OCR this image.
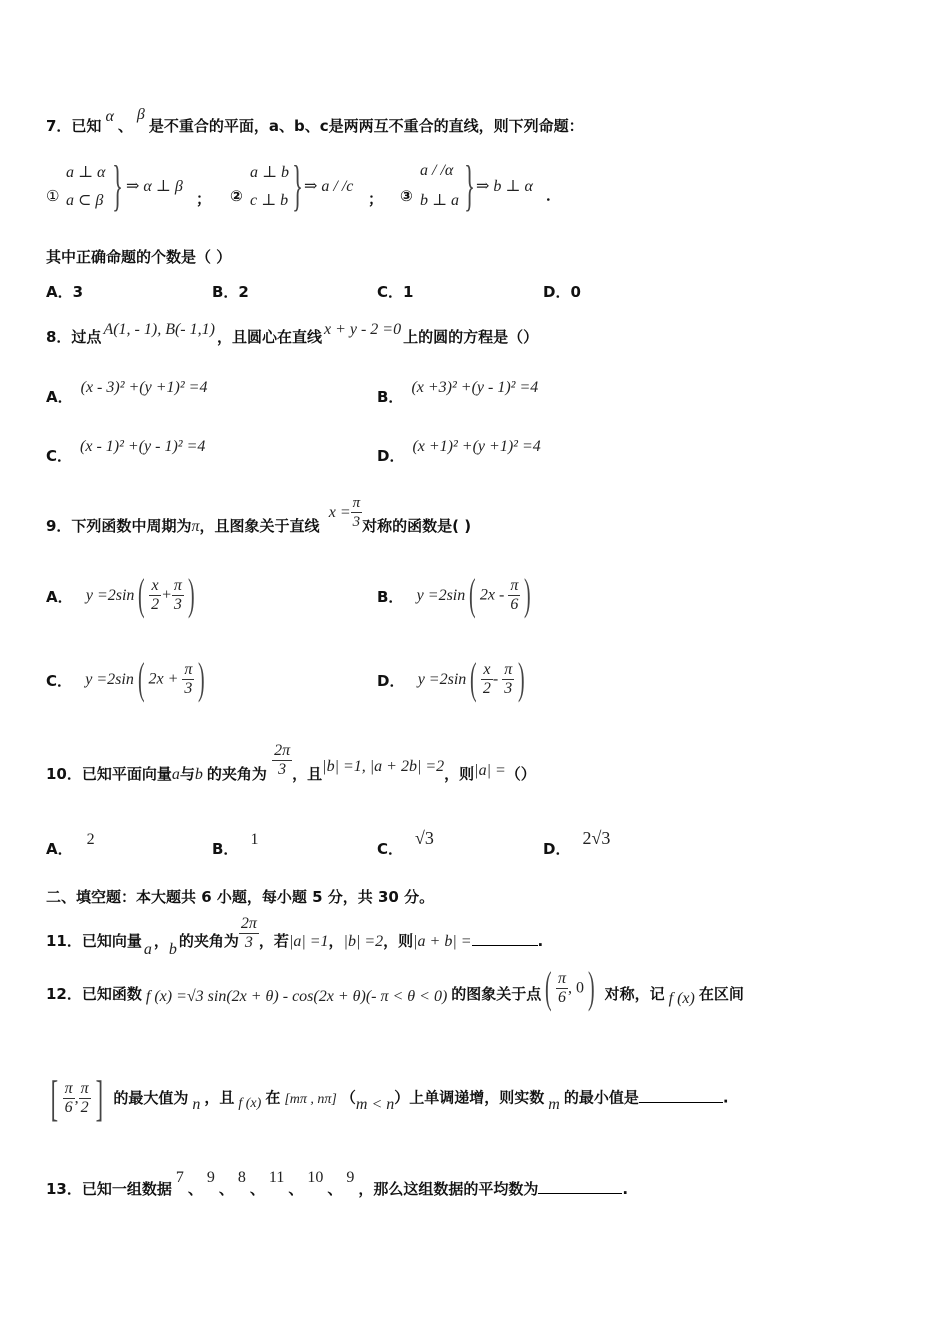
7．已知α、β是不重合的平面，a、b、c是两两互不重合的直线，则下列命题：
①
a ⊥ α
a ⊂ β } ⇒ α ⊥ β
； ②
a ⊥ b
c ⊥ b } ⇒ a / /c
； ③
a / /α
b ⊥ a } ⇒ b ⊥ α ．
其中正确命题的个数是（ ）
A．3	B．2	C．1	D．0
8．过点 A(1, - 1), B(- 1,1) ，且圆心在直线 x + y - 2 =0 上的圆的方程是（）
A．(x - 3)² +(y +1)² =4
B．(x +3)² +(y - 1)² =4
C．(x - 1)² +(y - 1)² =4
D．(x +1)² +(y +1)² =4
9．下列函数中周期为π，且图象关于直线 $x = \frac{\pi}{3}$ 对称的函数是( )
A． $y =2\sin( \frac{x}{2} + \frac{\pi}{3}$ )	B． y =2sin( $2x - \frac{\pi}{6}$ )
C． y =2sin( $2x + \frac{\pi}{3}$ )	D． $y =2\sin( \frac{x}{2} - \frac{\pi}{3}$ )
10．已知平面向量a与b 的夹角为 $\frac{2\pi}{3}$ ，且|b| =1, |a + 2b| =2，则|a| =（）
A．2
B．1
C．√3
D．2√3
二、填空题：本大题共 6 小题，每小题 5 分，共 30 分。
11．已知向量 a ，b 的夹角为 $\frac{2\pi}{3}$ ，若|a| =1，|b| =2，则|a + b| =	.
12．已知函数 f (x) =√3 sin(2x + θ) - cos(2x + θ)(- π < θ < 0) 的图象关于点( $\frac{\pi}{6}$ , 0) 对称，记 f (x) 在区间
[ $\frac{\pi}{6}$ , $\frac{\pi}{2}$ ] 的最大值为 n ，且 f (x) 在 [mπ , nπ] （m < n）上单调递增，则实数 m 的最小值是	.
13．已知一组数据7、9、8、11、10、9，那么这组数据的平均数为	.
